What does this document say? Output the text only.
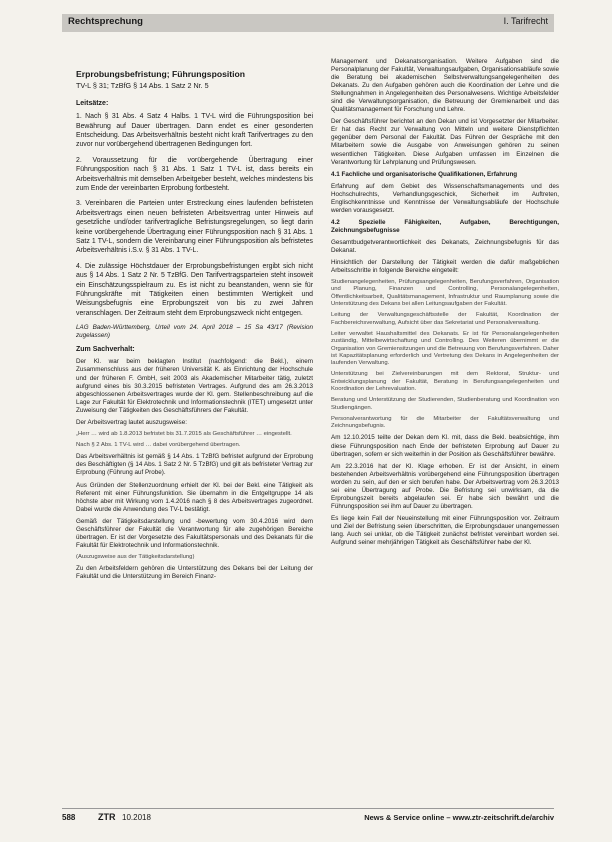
Rechtsprechung	I. Tarifrecht
Erprobungsbefristung; Führungsposition
TV-L § 31; TzBfG § 14 Abs. 1 Satz 2 Nr. 5
Leitsätze:

1. Nach § 31 Abs. 4 Satz 4 Halbs. 1 TV-L wird die Führungsposition bei Bewährung auf Dauer übertragen. Dann endet es einer gesonderten Entscheidung. Das Arbeitsverhältnis besteht nicht kraft Tarifvertrages zu den zuvor nur vorübergehend übertragenen Bedingungen fort.

2. Voraussetzung für die vorübergehende Übertragung einer Führungsposition nach § 31 Abs. 1 Satz 1 TV-L ist, dass bereits ein Arbeitsverhältnis mit demselben Arbeitgeber besteht, welches mindestens bis zum Ende der vereinbarten Erprobung fortbesteht.

3. Vereinbaren die Parteien unter Erstreckung eines laufenden befristeten Arbeitsvertrags einen neuen befristeten Arbeitsvertrag unter Hinweis auf gesetzliche und/oder tarifvertragliche Befristungsregelungen, so liegt darin keine vorübergehende Übertragung einer Führungsposition nach § 31 Abs. 1 Satz 1 TV-L, sondern die Vereinbarung einer Führungsposition als befristetes Arbeitsverhältnis i.S.v. § 31 Abs. 1 TV-L.

4. Die zulässige Höchstdauer der Erprobungsbefristungen ergibt sich nicht aus § 14 Abs. 1 Satz 2 Nr. 5 TzBfG. Den Tarifvertragsparteien steht insoweit ein Einschätzungsspielraum zu. Es ist nicht zu beanstanden, wenn sie für Führungskräfte mit Tätigkeiten einen bestimmten Wertigkeit und Weisungsbefugnis eine Erprobungszeit von bis zu zwei Jahren veranschlagen. Der Zeitraum steht dem Erprobungszweck nicht entgegen.

LAG Baden-Württemberg, Urteil vom 24. April 2018 – 15 Sa 43/17 (Revision zugelassen)

Zum Sachverhalt:

Der Kl. war beim beklagten Institut (nachfolgend: die Bekl.), einem Zusammenschluss aus der früheren Universität K. als Einrichtung der Hochschule und der früheren F. GmbH, seit 2003 als Akademischer Mitarbeiter tätig, zuletzt aufgrund eines bis 30.3.2015 befristeten Vertrages. Aufgrund des am 26.3.2013 abgeschlossenen Arbeitsvertrages wurde der Kl. gem. Stellenbeschreibung auf die Lage zur Fakultät für Elektrotechnik und Informationstechnik (ITET) umgesetzt unter Zuweisung der Tätigkeiten des Geschäftsführers der Fakultät.

Der Arbeitsvertrag lautet auszugsweise:

„Herr … wird ab 1.8.2013 befristet bis 31.7.2015 als Geschäftsführer … eingestellt.

Nach § 2 Abs. 1 TV-L wird … dabei vorübergehend übertragen.

Das Arbeitsverhältnis ist gemäß § 14 Abs. 1 TzBfG befristet aufgrund der Erprobung des Beschäftigten (§ 14 Abs. 1 Satz 2 Nr. 5 TzBfG) und gilt als befristeter Vertrag zur Erprobung (Führung auf Probe).

Aus Gründen der Stellenzuordnung erhielt der Kl. bei der Bekl. eine Tätigkeit als Referent mit einer Führungsfunktion. Sie übernahm in die Entgeltgruppe 14 als höchste aber mit Wirkung vom 1.4.2016 nach § 8 des Arbeitsvertrages zugeordnet. Dabei wurde die Anwendung des TV-L bestätigt.

Gemäß der Tätigkeitsdarstellung und -bewertung vom 30.4.2016 wird dem Geschäftsführer der Fakultät die Verantwortung für alle zugehörigen Bereiche übertragen. Er ist der Vorgesetzte des Fakultätspersonals und des Dekanats für die Fakultät für Elektrotechnik und Informationstechnik.

(Auszugsweise aus der Tätigkeitsdarstellung)

Zu den Arbeitsfeldern gehören die Unterstützung des Dekans bei der Leitung der Fakultät und die Unterstützung im Bereich Finanz-

Management und Dekanatsorganisation. Weitere Aufgaben sind die Personalplanung der Fakultät, Verwaltungsaufgaben, Organisationsabläufe sowie die Beratung bei akademischen Selbstverwaltungsangelegenheiten des Dekanats. Zu den Aufgaben gehören auch die Koordination der Lehre und die Stellungnahmen in Angelegenheiten des Personalwesens. Wichtige Arbeitsfelder sind die Verwaltungsorganisation, die Betreuung der Gremienarbeit und das Qualitätsmanagement für Forschung und Lehre.

Der Geschäftsführer berichtet an den Dekan und ist Vorgesetzter der Mitarbeiter. Er hat das Recht zur Verwaltung von Mitteln und weitere Dienstpflichten gegenüber dem Personal der Fakultät. Das Führen der Gespräche mit den Mitarbeitern sowie die Ausgabe von Anweisungen gehören zu seinen wesentlichen Tätigkeiten. Diese Aufgaben umfassen im Einzelnen die Verantwortung für Lehrplanung und Prüfungswesen.

4.1 Fachliche und organisatorische Qualifikationen, Erfahrung

Erfahrung auf dem Gebiet des Wissenschaftsmanagements und des Hochschulrechts, Verhandlungsgeschick, Sicherheit im Auftreten, Englischkenntnisse und Kenntnisse der Verwaltungsabläufe der Hochschule werden vorausgesetzt.

4.2 Spezielle Fähigkeiten, Aufgaben, Berechtigungen, Zeichnungsbefugnisse

Gesamtbudgetverantwortlichkeit des Dekanats, Zeichnungsbefugnis für das Dekanat.

Hinsichtlich der Darstellung der Tätigkeit werden die dafür maßgeblichen Arbeitsschritte in folgende Bereiche eingeteilt:

Studienangelegenheiten, Prüfungsangelegenheiten, Berufungsverfahren, Organisation und Planung, Finanzen und Controlling, Personalangelegenheiten, Öffentlichkeitsarbeit, Qualitätsmanagement, Infrastruktur und Raumplanung sowie die Unterstützung des Dekans bei allen Leitungsaufgaben der Fakultät.

Leitung der Verwaltungsgeschäftsstelle der Fakultät, Koordination der Fachbereichsverwaltung, Aufsicht über das Sekretariat und Personalverwaltung.

Leiter verwaltet Haushaltsmittel des Dekanats. Er ist für Personalangelegenheiten zuständig, Mittelbewirtschaftung und Controlling. Des Weiteren übernimmt er die Organisation von Gremiensitzungen und die Betreuung von Berufungsverfahren. Daher ist Kapazitätsplanung erforderlich und Vertretung des Dekans in Angelegenheiten der laufenden Verwaltung.

Unterstützung bei Zielvereinbarungen mit dem Rektorat, Struktur- und Entwicklungsplanung der Fakultät, Beratung in Berufungsangelegenheiten und Koordination der Lehrevaluation.

Beratung und Unterstützung der Studierenden, Studienberatung und Koordination von Studiengängen.

Personalverantwortung für die Mitarbeiter der Fakultätsverwaltung und Zeichnungsbefugnis.

Am 12.10.2015 teilte der Dekan dem Kl. mit, dass die Bekl. beabsichtige, ihm diese Führungsposition nach Ende der befristeten Erprobung auf Dauer zu übertragen, sofern er sich weiterhin in der Position als Geschäftsführer bewähre.

Am 22.3.2016 hat der Kl. Klage erhoben. Er ist der Ansicht, in einem bestehenden Arbeitsverhältnis vorübergehend eine Führungsposition übertragen worden zu sein, auf den er sich berufen habe. Der Arbeitsvertrag vom 26.3.2013 sei eine Übertragung auf Probe. Die Befristung sei unwirksam, da die Erprobungszeit bereits abgelaufen sei. Er habe sich bewährt und die Führungsposition sei ihm auf Dauer zu übertragen.

Es liege kein Fall der Neueinstellung mit einer Führungsposition vor. Zeitraum und Ziel der Befristung seien überschritten, die Erprobungsdauer unangemessen lang. Auch sei unklar, ob die Tätigkeit zunächst befristet vereinbart worden sei. Aufgrund seiner mehrjährigen Tätigkeit als Geschäftsführer habe der Kl.

588	ZTR 10.2018	News & Service online – www.ztr-zeitschrift.de/archiv
